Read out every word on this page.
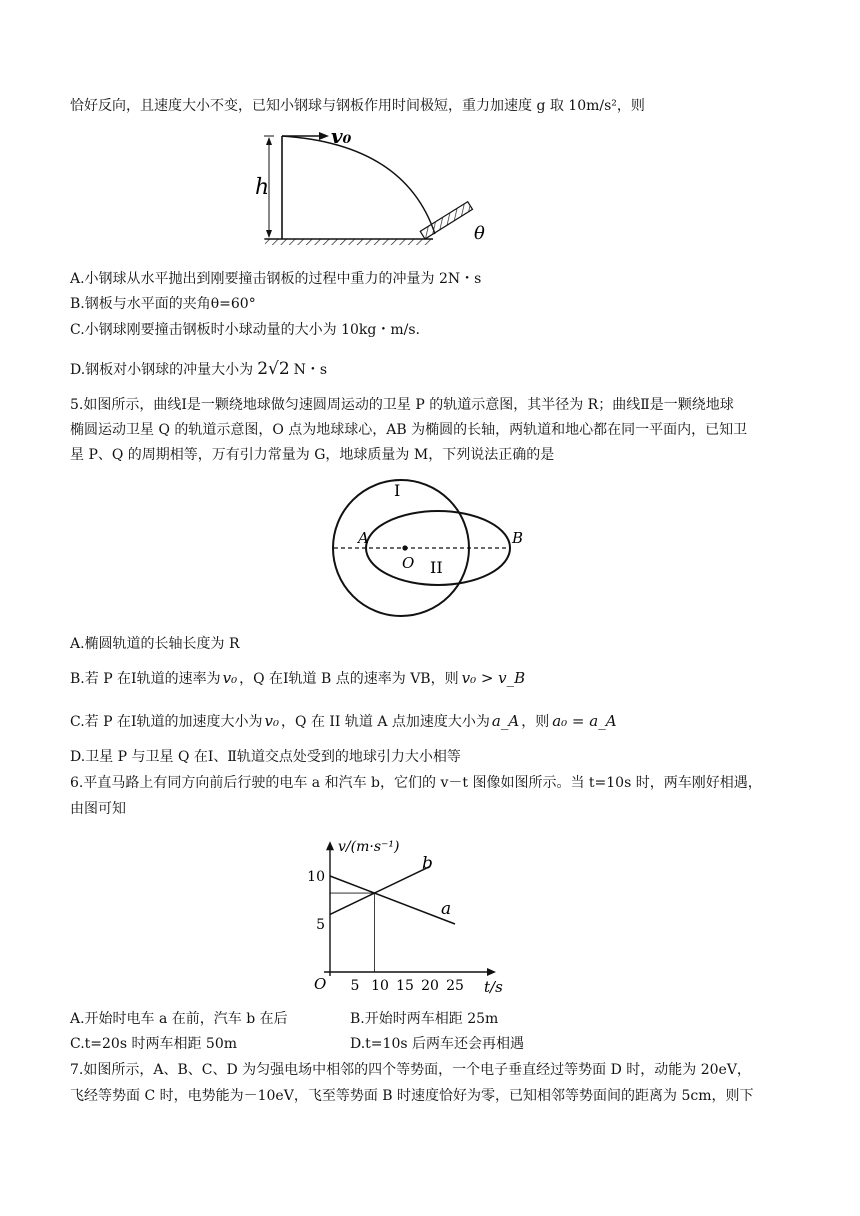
恰好反向，且速度大小不变，已知小钢球与钢板作用时间极短，重力加速度 g 取 10m/s²，则
h
v₀
θ
A.小钢球从水平抛出到刚要撞击钢板的过程中重力的冲量为 2N・s
B.钢板与水平面的夹角θ=60°
C.小钢球刚要撞击钢板时小球动量的大小为 10kg・m/s.
D.钢板对小钢球的冲量大小为 2√2 N・s
5.如图所示，曲线Ⅰ是一颗绕地球做匀速圆周运动的卫星 P 的轨道示意图，其半径为 R；曲线Ⅱ是一颗绕地球
椭圆运动卫星 Q 的轨道示意图，O 点为地球球心，AB 为椭圆的长轴，两轨道和地心都在同一平面内，已知卫
星 P、Q 的周期相等，万有引力常量为 G，地球质量为 M，下列说法正确的是
I
II
A	B
O
A.椭圆轨道的长轴长度为 R
B.若 P 在Ⅰ轨道的速率为 v₀ ，Q 在Ⅰ轨道 B 点的速率为 VB，则 v₀ > v_B
C.若 P 在Ⅰ轨道的加速度大小为 v₀ ，Q 在 II 轨道 A 点加速度大小为 a_A ，则 a₀ = a_A
D.卫星 P 与卫星 Q 在Ⅰ、Ⅱ轨道交点处受到的地球引力大小相等
6.平直马路上有同方向前后行驶的电车 a 和汽车 b，它们的 v－t 图像如图所示。当 t=10s 时，两车刚好相遇，
由图可知
a
b
5 10 15 20 25
5
10
v/(m·s⁻¹)
t/s
O
A.开始时电车 a 在前，汽车 b 在后	B.开始时两车相距 25m
C.t=20s 时两车相距 50m	D.t=10s 后两车还会再相遇
7.如图所示，A、B、C、D 为匀强电场中相邻的四个等势面，一个电子垂直经过等势面 D 时，动能为 20eV，
飞经等势面 C 时，电势能为－10eV，飞至等势面 B 时速度恰好为零，已知相邻等势面间的距离为 5cm，则下
